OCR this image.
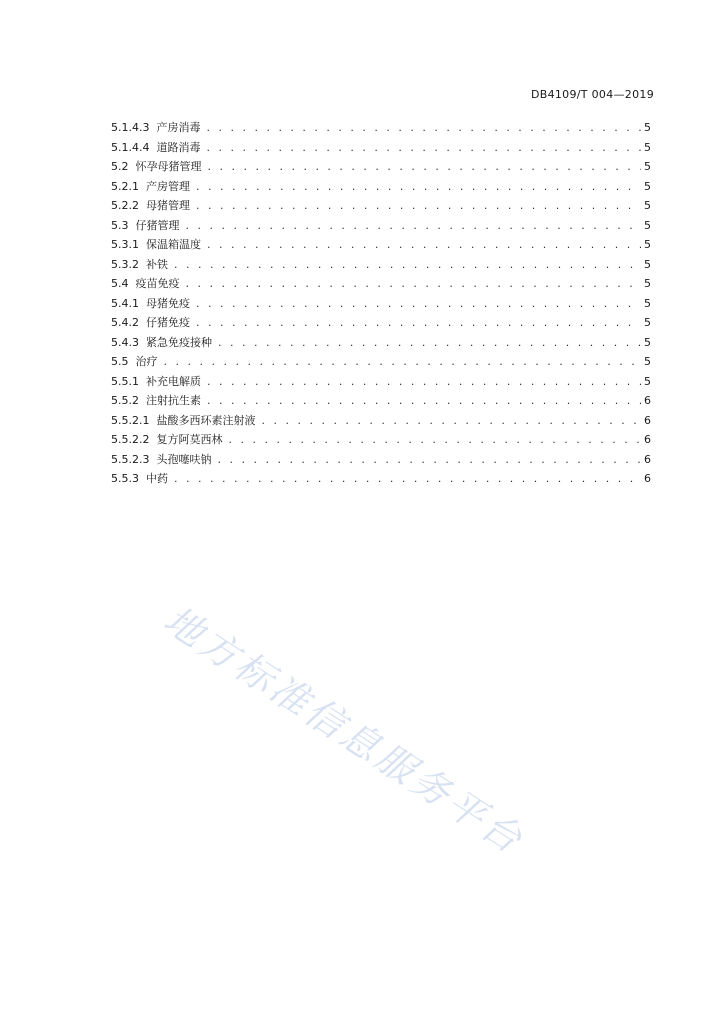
DB4109/T 004—2019
5.1.4.3 产房消毒 . . .	5
5.1.4.4 道路消毒 . . .	5
5.2 怀孕母猪管理 . . .	5
5.2.1 产房管理 . . .	5
5.2.2 母猪管理 . . .	5
5.3 仔猪管理 . . .	5
5.3.1 保温箱温度 . . .	5
5.3.2 补铁 . . .	5
5.4 疫苗免疫 . . .	5
5.4.1 母猪免疫 . . .	5
5.4.2 仔猪免疫 . . .	5
5.4.3 紧急免疫接种 . . .	5
5.5 治疗 . . .	5
5.5.1 补充电解质 . . .	5
5.5.2 注射抗生素 . . .	6
5.5.2.1 盐酸多西环素注射液 . . .	6
5.5.2.2 复方阿莫西林 . . .	6
5.5.2.3 头孢噻呋钠 . . .	6
5.5.3 中药 . . .	6
地方标准信息服务平台
